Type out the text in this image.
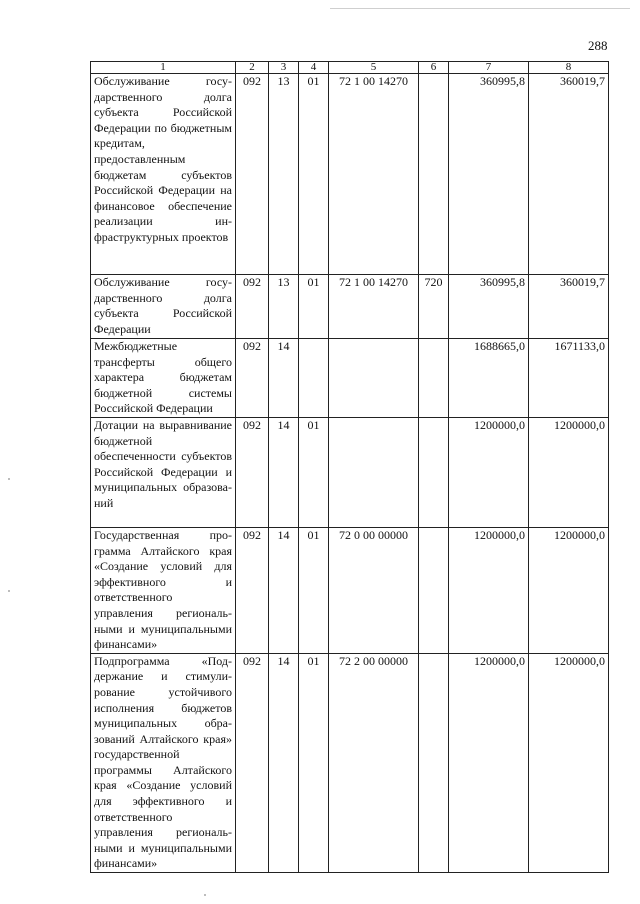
288
1	2	3	4	5	6	7	8
Обслуживание государственного долга субъекта Российской Федерации по бюджетным кредитам, предоставленным бюджетам субъектов Российской Федерации на финансовое обеспечение реализации инфраструктурных проектов	092	13	01	72 1 00 14270		360995,8	360019,7
Обслуживание государственного долга субъекта Российской Федерации	092	13	01	72 1 00 14270	720	360995,8	360019,7
Межбюджетные трансферты общего характера бюджетам бюджетной системы Российской Федерации	092	14				1688665,0	1671133,0
Дотации на выравнивание бюджетной обеспеченности субъектов Российской Федерации и муниципальных образований	092	14	01			1200000,0	1200000,0
Государственная программа Алтайского края «Создание условий для эффективного и ответственного управления региональными и муниципальными финансами»	092	14	01	72 0 00 00000		1200000,0	1200000,0
Подпрограмма «Поддержание и стимулирование устойчивого исполнения бюджетов муниципальных образований Алтайского края» государственной программы Алтайского края «Создание условий для эффективного и ответственного управления региональными и муниципальными финансами»	092	14	01	72 2 00 00000		1200000,0	1200000,0
